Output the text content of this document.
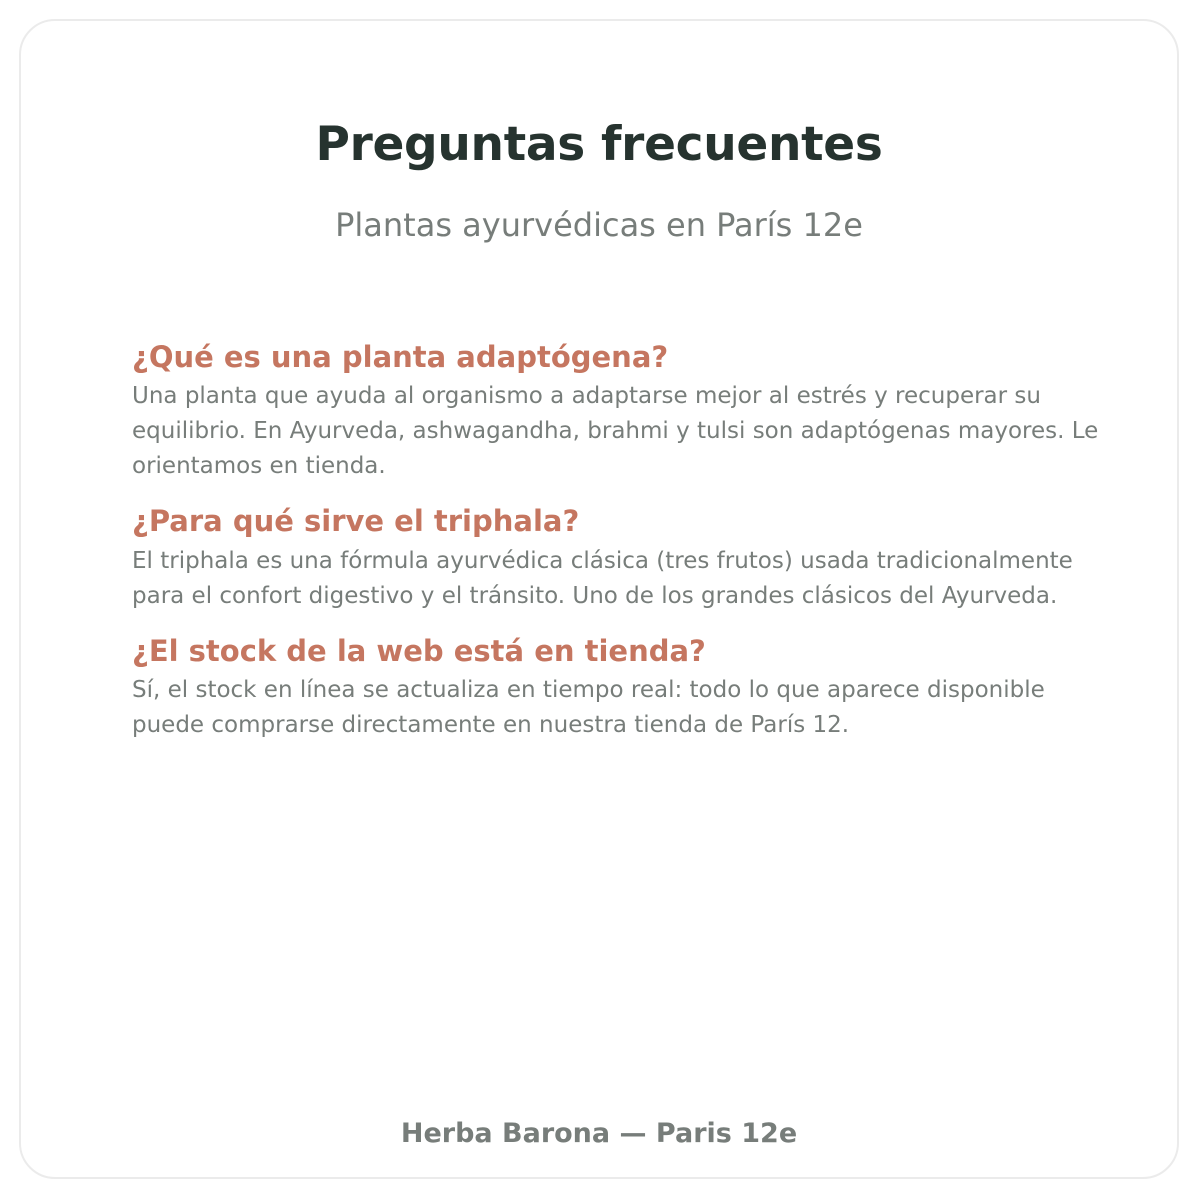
Preguntas frecuentes

Plantas ayurvédicas en París 12e

¿Qué es una planta adaptógena?

Una planta que ayuda al organismo a adaptarse mejor al estrés y recuperar su equilibrio. En Ayurveda, ashwagandha, brahmi y tulsi son adaptógenas mayores. Le orientamos en tienda.

¿Para qué sirve el triphala?

El triphala es una fórmula ayurvédica clásica (tres frutos) usada tradicionalmente para el confort digestivo y el tránsito. Uno de los grandes clásicos del Ayurveda.

¿El stock de la web está en tienda?

Sí, el stock en línea se actualiza en tiempo real: todo lo que aparece disponible puede comprarse directamente en nuestra tienda de París 12.

Herba Barona — Paris 12e
